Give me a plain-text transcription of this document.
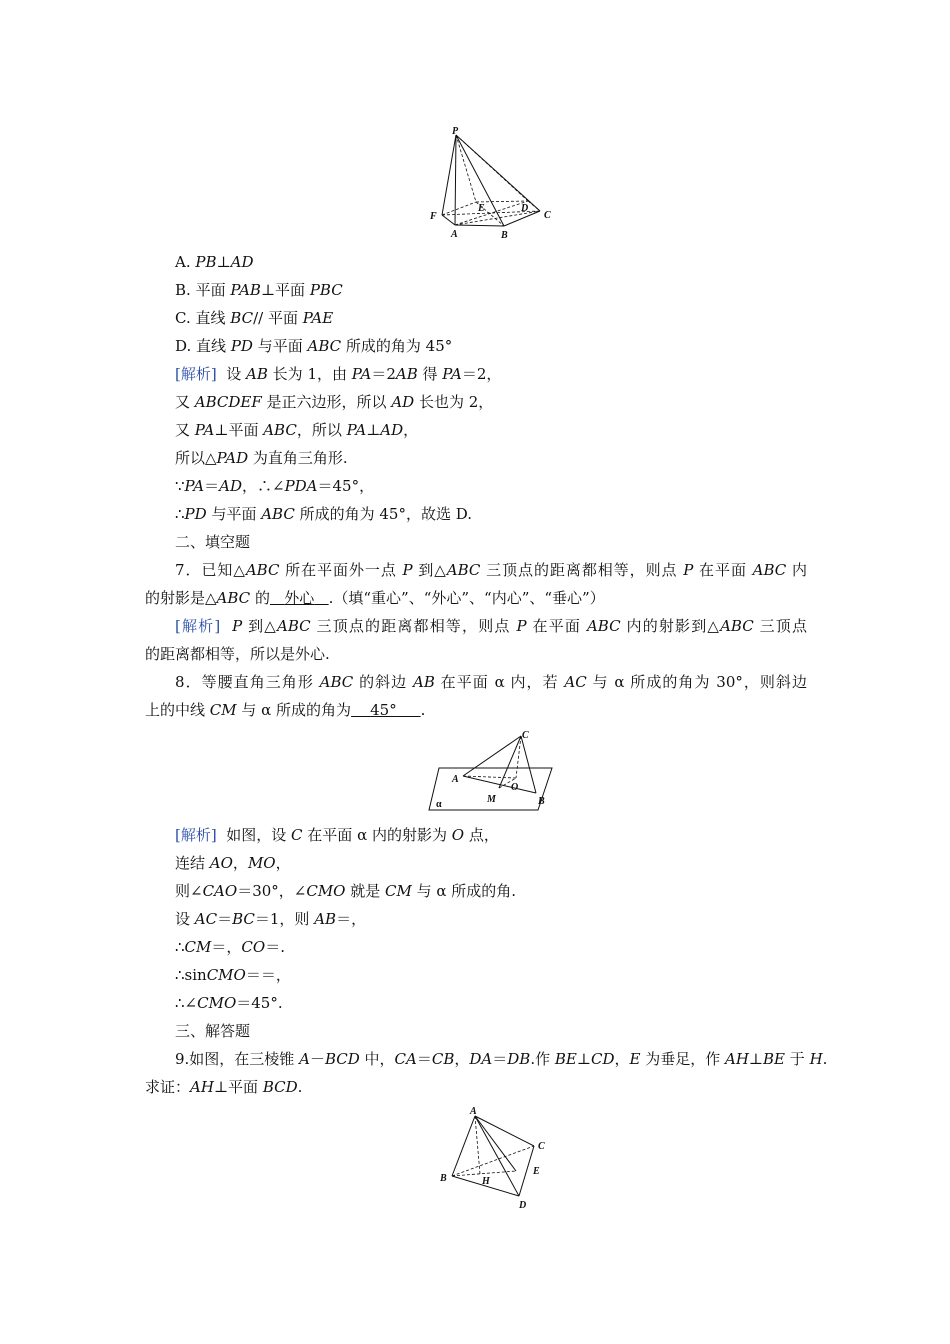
P
F
A	B
E	D
C
A. PB⊥AD
B. 平面 PAB⊥平面 PBC
C. 直线 BC// 平面 PAE
D. 直线 PD 与平面 ABC 所成的角为 45°
[解析] 设 AB 长为 1，由 PA＝2AB 得 PA＝2，
又 ABCDEF 是正六边形，所以 AD 长也为 2，
又 PA⊥平面 ABC，所以 PA⊥AD，
所以△PAD 为直角三角形.
∵PA＝AD，∴∠PDA＝45°，
∴PD 与平面 ABC 所成的角为 45°，故选 D.
二、填空题
7．已知△ABC 所在平面外一点 P 到△ABC 三顶点的距离都相等，则点 P 在平面 ABC 内
的射影是△ABC 的 外心 .（填“重心”、“外心”、“内心”、“垂心”）
[解析] P 到△ABC 三顶点的距离都相等，则点 P 在平面 ABC 内的射影到△ABC 三顶点
的距离都相等，所以是外心.
8．等腰直角三角形 ABC 的斜边 AB 在平面 α 内，若 AC 与 α 所成的角为 30°，则斜边
上的中线 CM 与 α 所成的角为 45° .
C
A
O
M	B
α
[解析] 如图，设 C 在平面 α 内的射影为 O 点，
连结 AO，MO，
则∠CAO＝30°，∠CMO 就是 CM 与 α 所成的角.
设 AC＝BC＝1，则 AB＝，
∴CM＝，CO＝.
∴sinCMO＝＝，
∴∠CMO＝45°.
三、解答题
9.如图，在三棱锥 A－BCD 中，CA＝CB，DA＝DB.作 BE⊥CD，E 为垂足，作 AH⊥BE 于 H.
求证：AH⊥平面 BCD.
A
C
E
B	H
D
